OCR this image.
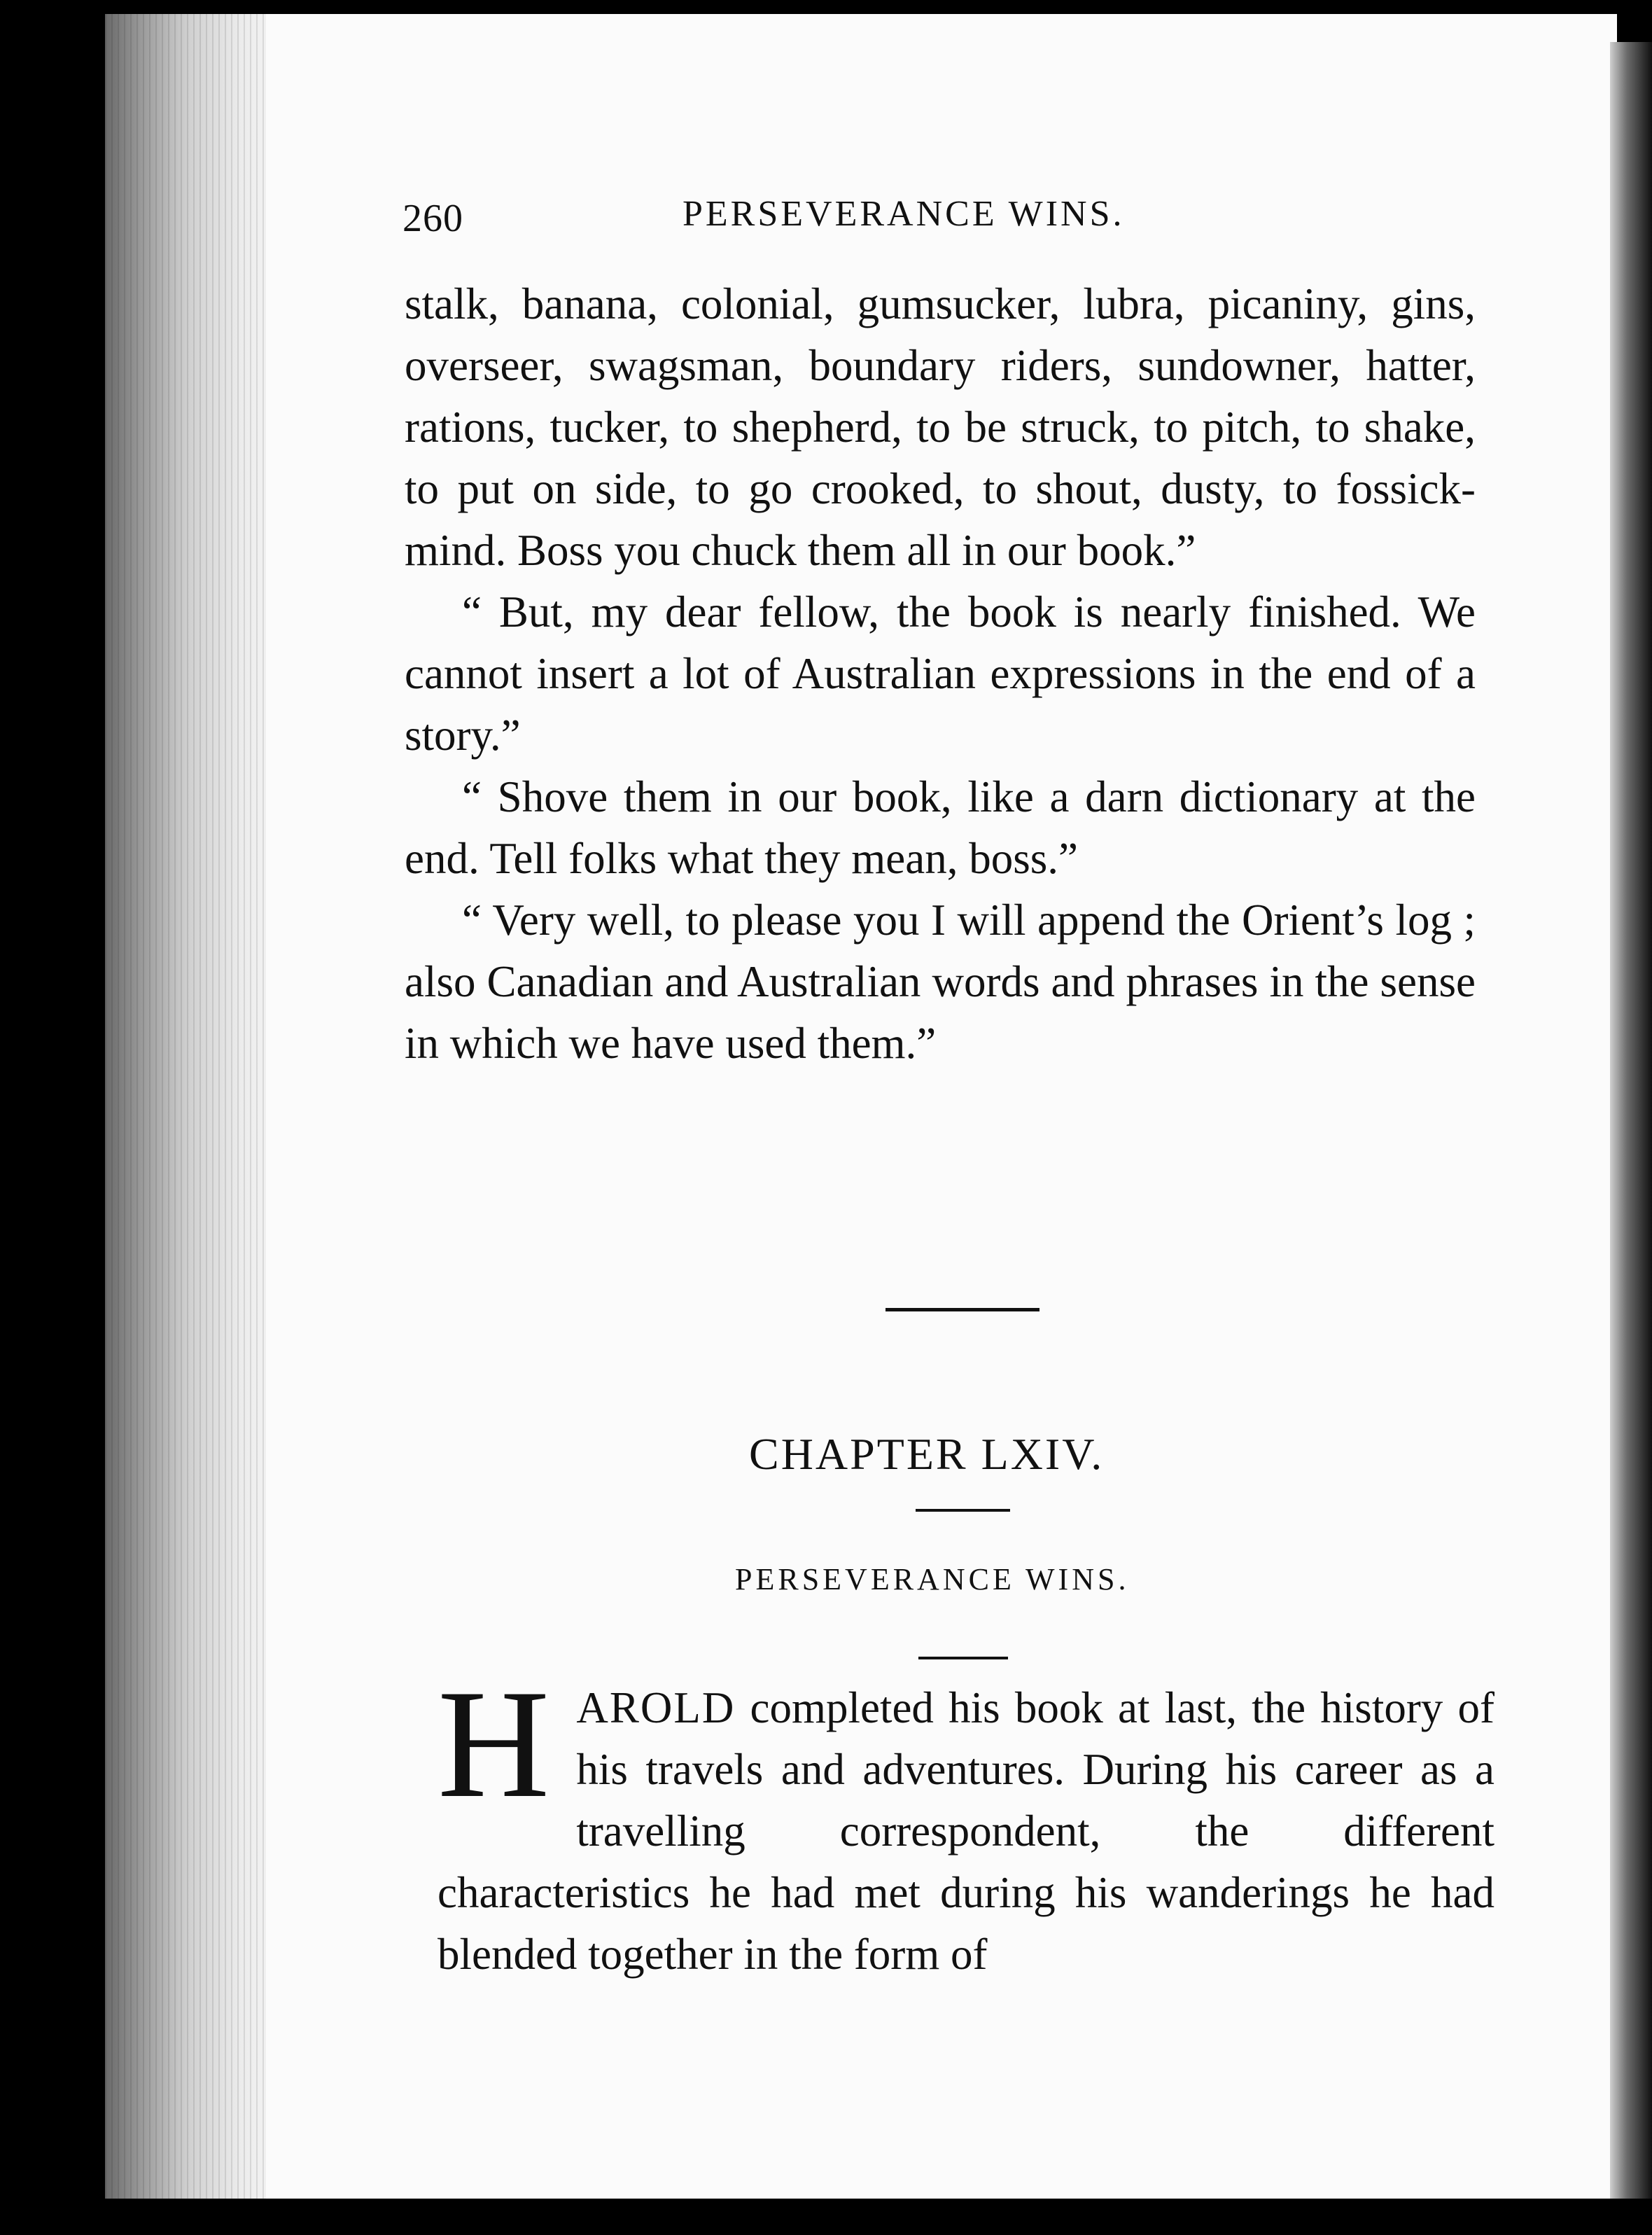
260	PERSEVERANCE WINS.

stalk, banana, colonial, gumsucker, lubra, picaniny, gins, overseer, swagsman, boundary riders, sundowner, hatter, rations, tucker, to shepherd, to be struck, to pitch, to shake, to put on side, to go crooked, to shout, dusty, to fossick-mind. Boss you chuck them all in our book.”

“ But, my dear fellow, the book is nearly finished. We cannot insert a lot of Australian expressions in the end of a story.”

“ Shove them in our book, like a darn dictionary at the end. Tell folks what they mean, boss.”

“ Very well, to please you I will append the Orient’s log ; also Canadian and Australian words and phrases in the sense in which we have used them.”

CHAPTER LXIV.
PERSEVERANCE WINS.
HAROLD completed his book at last, the history of his travels and adventures. During his career as a travelling correspondent, the different characteristics he had met during his wanderings he had blended together in the form of
